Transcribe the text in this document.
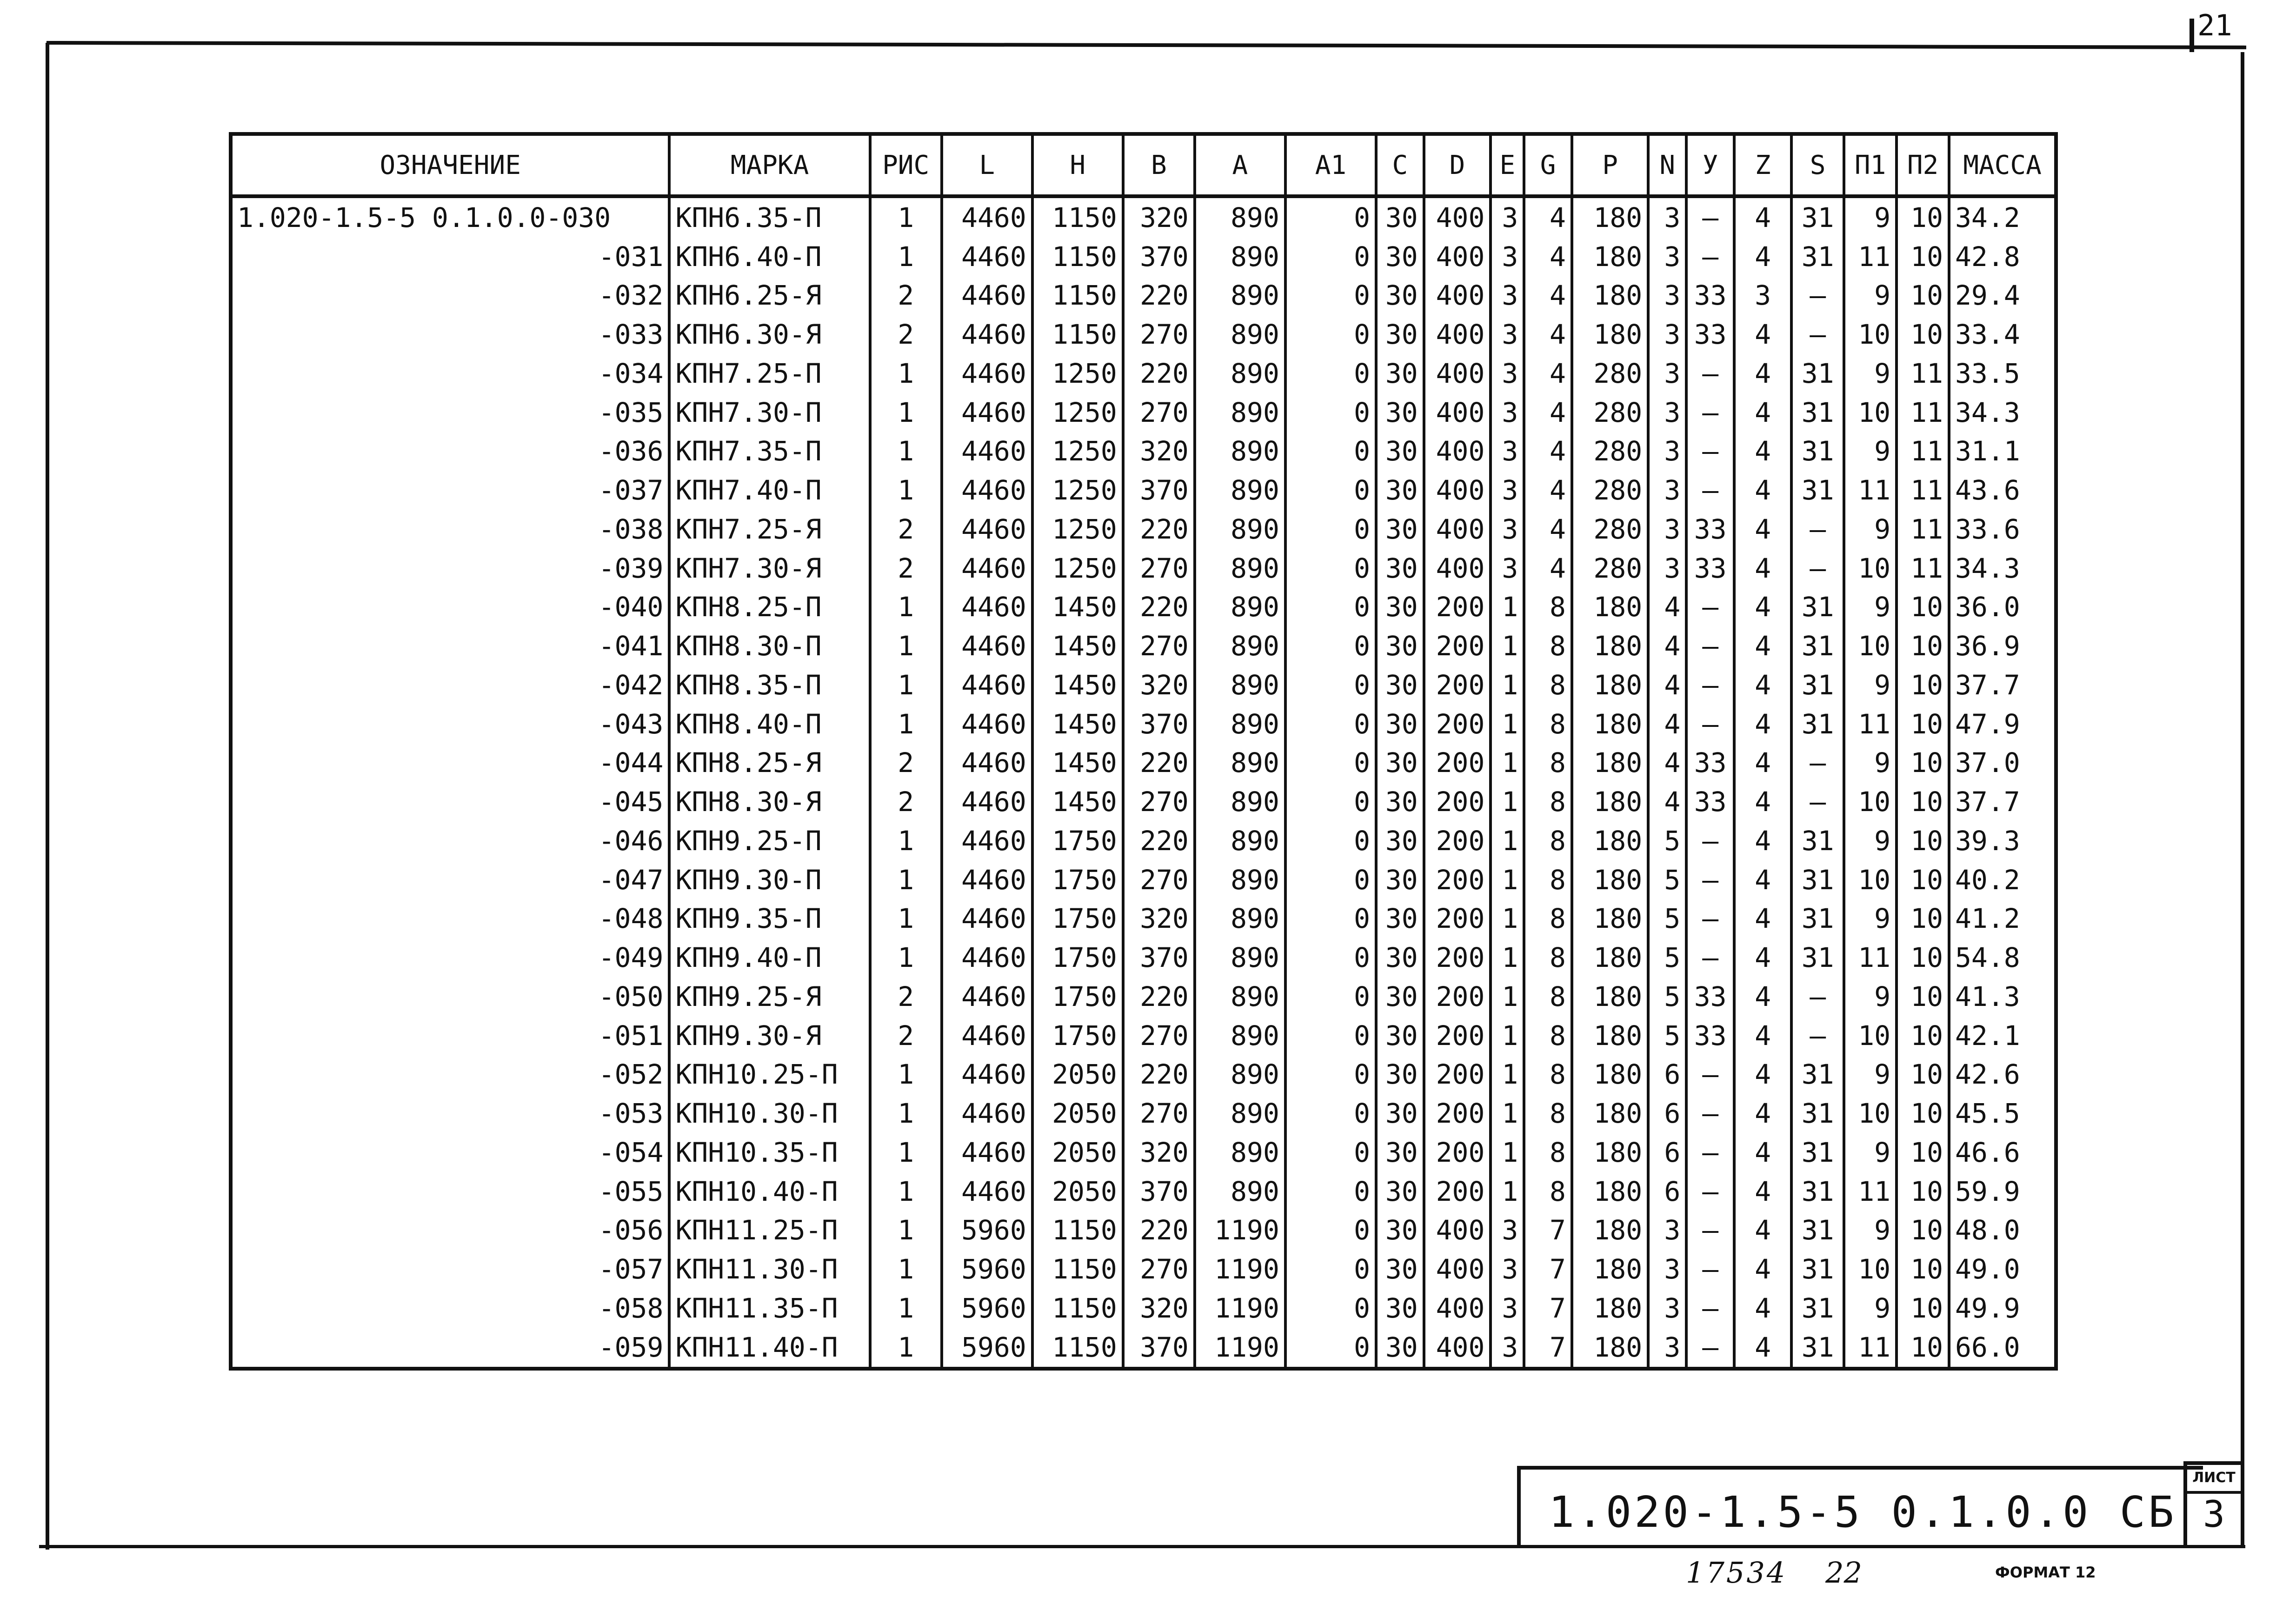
21
ОЗНАЧЕНИЕ	МАРКА	РИС	L	H	B	A	A1	C	D	E	G	P	N	У	Z	S	П1	П2	МАССА
1.020-1.5-5 0.1.0.0-030	КПН6.35-П	1	4460	1150	320	890	0	30	400	3	4	180	3	–	4	31	9	10	34.2
-031	КПН6.40-П	1	4460	1150	370	890	0	30	400	3	4	180	3	–	4	31	11	10	42.8
-032	КПН6.25-Я	2	4460	1150	220	890	0	30	400	3	4	180	3	33	3	–	9	10	29.4
-033	КПН6.30-Я	2	4460	1150	270	890	0	30	400	3	4	180	3	33	4	–	10	10	33.4
-034	КПН7.25-П	1	4460	1250	220	890	0	30	400	3	4	280	3	–	4	31	9	11	33.5
-035	КПН7.30-П	1	4460	1250	270	890	0	30	400	3	4	280	3	–	4	31	10	11	34.3
-036	КПН7.35-П	1	4460	1250	320	890	0	30	400	3	4	280	3	–	4	31	9	11	31.1
-037	КПН7.40-П	1	4460	1250	370	890	0	30	400	3	4	280	3	–	4	31	11	11	43.6
-038	КПН7.25-Я	2	4460	1250	220	890	0	30	400	3	4	280	3	33	4	–	9	11	33.6
-039	КПН7.30-Я	2	4460	1250	270	890	0	30	400	3	4	280	3	33	4	–	10	11	34.3
-040	КПН8.25-П	1	4460	1450	220	890	0	30	200	1	8	180	4	–	4	31	9	10	36.0
-041	КПН8.30-П	1	4460	1450	270	890	0	30	200	1	8	180	4	–	4	31	10	10	36.9
-042	КПН8.35-П	1	4460	1450	320	890	0	30	200	1	8	180	4	–	4	31	9	10	37.7
-043	КПН8.40-П	1	4460	1450	370	890	0	30	200	1	8	180	4	–	4	31	11	10	47.9
-044	КПН8.25-Я	2	4460	1450	220	890	0	30	200	1	8	180	4	33	4	–	9	10	37.0
-045	КПН8.30-Я	2	4460	1450	270	890	0	30	200	1	8	180	4	33	4	–	10	10	37.7
-046	КПН9.25-П	1	4460	1750	220	890	0	30	200	1	8	180	5	–	4	31	9	10	39.3
-047	КПН9.30-П	1	4460	1750	270	890	0	30	200	1	8	180	5	–	4	31	10	10	40.2
-048	КПН9.35-П	1	4460	1750	320	890	0	30	200	1	8	180	5	–	4	31	9	10	41.2
-049	КПН9.40-П	1	4460	1750	370	890	0	30	200	1	8	180	5	–	4	31	11	10	54.8
-050	КПН9.25-Я	2	4460	1750	220	890	0	30	200	1	8	180	5	33	4	–	9	10	41.3
-051	КПН9.30-Я	2	4460	1750	270	890	0	30	200	1	8	180	5	33	4	–	10	10	42.1
-052	КПН10.25-П	1	4460	2050	220	890	0	30	200	1	8	180	6	–	4	31	9	10	42.6
-053	КПН10.30-П	1	4460	2050	270	890	0	30	200	1	8	180	6	–	4	31	10	10	45.5
-054	КПН10.35-П	1	4460	2050	320	890	0	30	200	1	8	180	6	–	4	31	9	10	46.6
-055	КПН10.40-П	1	4460	2050	370	890	0	30	200	1	8	180	6	–	4	31	11	10	59.9
-056	КПН11.25-П	1	5960	1150	220	1190	0	30	400	3	7	180	3	–	4	31	9	10	48.0
-057	КПН11.30-П	1	5960	1150	270	1190	0	30	400	3	7	180	3	–	4	31	10	10	49.0
-058	КПН11.35-П	1	5960	1150	320	1190	0	30	400	3	7	180	3	–	4	31	9	10	49.9
-059	КПН11.40-П	1	5960	1150	370	1190	0	30	400	3	7	180	3	–	4	31	11	10	66.0
1.020-1.5-5 0.1.0.0 СБ
ЛИСТ
3
17534 22	ФОРМАТ 12
